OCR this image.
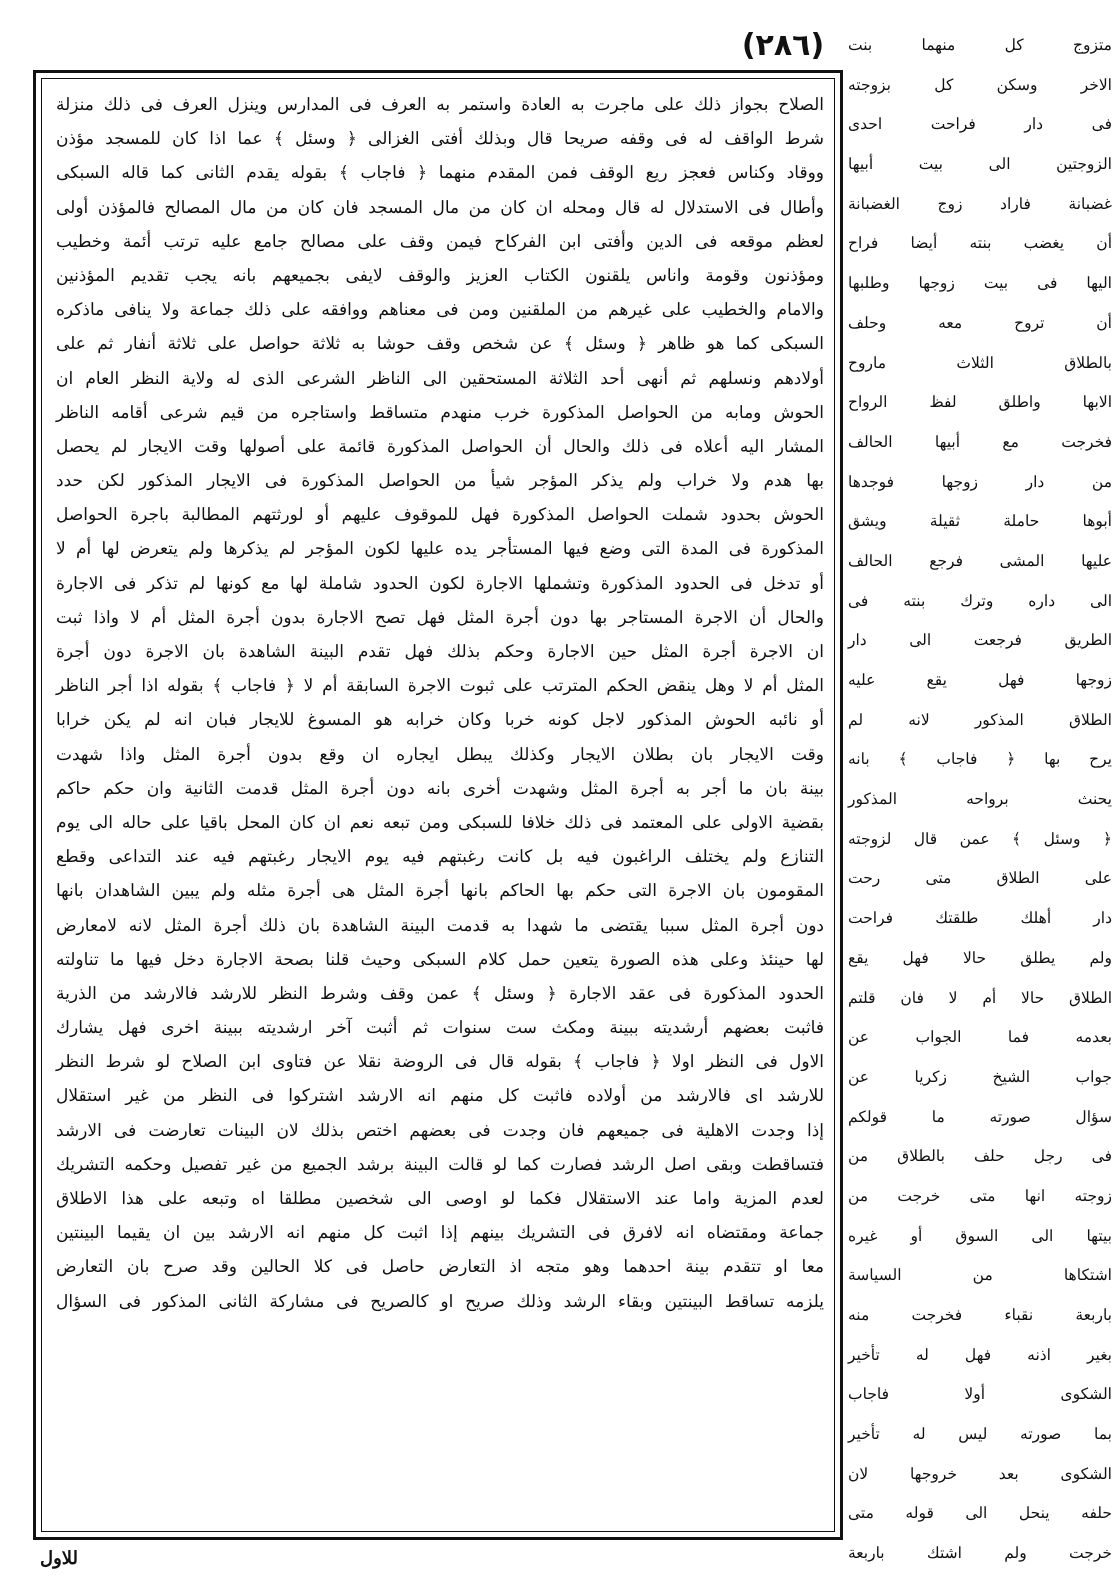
(٢٨٦)
الصلاح بجواز ذلك على ماجرت به العادة واستمر به العرف فى المدارس وينزل العرف فى ذلك منزلة
شرط الواقف له فى وقفه صريحا قال وبذلك أفتى الغزالى ﴿ وسئل ﴾ عما اذا كان للمسجد مؤذن
ووقاد وكناس فعجز ريع الوقف فمن المقدم منهما ﴿ فاجاب ﴾ بقوله يقدم الثانى كما قاله السبكى
وأطال فى الاستدلال له قال ومحله ان كان من مال المسجد فان كان من مال المصالح فالمؤذن أولى
لعظم موقعه فى الدين وأفتى ابن الفركاح فيمن وقف على مصالح جامع عليه ترتب أئمة وخطيب
ومؤذنون وقومة واناس يلقنون الكتاب العزيز والوقف لايفى بجميعهم بانه يجب تقديم المؤذنين
والامام والخطيب على غيرهم من الملقنين ومن فى معناهم ووافقه على ذلك جماعة ولا ينافى ماذكره
السبكى كما هو ظاهر ﴿ وسئل ﴾ عن شخص وقف حوشا به ثلاثة حواصل على ثلاثة أنفار ثم على
أولادهم ونسلهم ثم أنهى أحد الثلاثة المستحقين الى الناظر الشرعى الذى له ولاية النظر العام ان
الحوش ومابه من الحواصل المذكورة خرب منهدم متساقط واستاجره من قيم شرعى أقامه الناظر
المشار اليه أعلاه فى ذلك والحال أن الحواصل المذكورة قائمة على أصولها وقت الايجار لم يحصل
بها هدم ولا خراب ولم يذكر المؤجر شيأ من الحواصل المذكورة فى الايجار المذكور لكن حدد
الحوش بحدود شملت الحواصل المذكورة فهل للموقوف عليهم أو لورثتهم المطالبة باجرة الحواصل
المذكورة فى المدة التى وضع فيها المستأجر يده عليها لكون المؤجر لم يذكرها ولم يتعرض لها أم لا
أو تدخل فى الحدود المذكورة وتشملها الاجارة لكون الحدود شاملة لها مع كونها لم تذكر فى الاجارة
والحال أن الاجرة المستاجر بها دون أجرة المثل فهل تصح الاجارة بدون أجرة المثل أم لا واذا ثبت
ان الاجرة أجرة المثل حين الاجارة وحكم بذلك فهل تقدم البينة الشاهدة بان الاجرة دون أجرة
المثل أم لا وهل ينقض الحكم المترتب على ثبوت الاجرة السابقة أم لا ﴿ فاجاب ﴾ بقوله اذا أجر الناظر
أو نائبه الحوش المذكور لاجل كونه خربا وكان خرابه هو المسوغ للايجار فبان انه لم يكن خرابا
وقت الايجار بان بطلان الايجار وكذلك يبطل ايجاره ان وقع بدون أجرة المثل واذا شهدت
بينة بان ما أجر به أجرة المثل وشهدت أخرى بانه دون أجرة المثل قدمت الثانية وان حكم حاكم
بقضية الاولى على المعتمد فى ذلك خلافا للسبكى ومن تبعه نعم ان كان المحل باقيا على حاله الى يوم
التنازع ولم يختلف الراغبون فيه بل كانت رغبتهم فيه يوم الايجار رغبتهم فيه عند التداعى وقطع
المقومون بان الاجرة التى حكم بها الحاكم بانها أجرة المثل هى أجرة مثله ولم يبين الشاهدان بانها
دون أجرة المثل سببا يقتضى ما شهدا به قدمت البينة الشاهدة بان ذلك أجرة المثل لانه لامعارض
لها حينئذ وعلى هذه الصورة يتعين حمل كلام السبكى وحيث قلنا بصحة الاجارة دخل فيها ما تناولته
الحدود المذكورة فى عقد الاجارة ﴿ وسئل ﴾ عمن وقف وشرط النظر للارشد فالارشد من الذرية
فاثبت بعضهم أرشديته ببينة ومكث ست سنوات ثم أثبت آخر ارشديته ببينة اخرى فهل يشارك
الاول فى النظر اولا ﴿ فاجاب ﴾ بقوله قال فى الروضة نقلا عن فتاوى ابن الصلاح لو شرط النظر
للارشد اى فالارشد من أولاده فاثبت كل منهم انه الارشد اشتركوا فى النظر من غير استقلال
إذا وجدت الاهلية فى جميعهم فان وجدت فى بعضهم اختص بذلك لان البينات تعارضت فى الارشد
فتساقطت وبقى اصل الرشد فصارت كما لو قالت البينة برشد الجميع من غير تفصيل وحكمه التشريك
لعدم المزية واما عند الاستقلال فكما لو اوصى الى شخصين مطلقا اه وتبعه على هذا الاطلاق
جماعة ومقتضاه انه لافرق فى التشريك بينهم إذا اثبت كل منهم انه الارشد بين ان يقيما البينتين
معا او تتقدم بينة احدهما وهو متجه اذ التعارض حاصل فى كلا الحالين وقد صرح بان التعارض
يلزمه تساقط البينتين وبقاء الرشد وذلك صريح او كالصريح فى مشاركة الثانى المذكور فى السؤال
متزوج كل منهما بنت
الاخر وسكن كل بزوجته
فى دار فراحت احدى
الزوجتين الى بيت أبيها
غضبانة فاراد زوج الغضبانة
أن يغضب بنته أيضا فراح
اليها فى بيت زوجها وطلبها
أن تروح معه وحلف
بالطلاق الثلاث ماروح
الابها واطلق لفظ الرواح
فخرجت مع أبيها الحالف
من دار زوجها فوجدها
أبوها حاملة ثقيلة ويشق
عليها المشى فرجع الحالف
الى داره وترك بنته فى
الطريق فرجعت الى دار
زوجها فهل يقع عليه
الطلاق المذكور لانه لم
يرح بها ﴿ فاجاب ﴾ بانه
يحنث برواحه المذكور
﴿ وسئل ﴾ عمن قال لزوجته
على الطلاق متى رحت
دار أهلك طلقتك فراحت
ولم يطلق حالا فهل يقع
الطلاق حالا أم لا فان قلتم
بعدمه فما الجواب عن
جواب الشيخ زكريا عن
سؤال صورته ما قولكم
فى رجل حلف بالطلاق من
زوجته انها متى خرجت من
بيتها الى السوق أو غيره
اشتكاها من السياسة
باربعة نقباء فخرجت منه
بغير اذنه فهل له تأخير
الشكوى أولا فاجاب
بما صورته ليس له تأخير
الشكوى بعد خروجها لان
حلفه ينحل الى قوله متى
خرجت ولم اشتك باربعة
للاول
